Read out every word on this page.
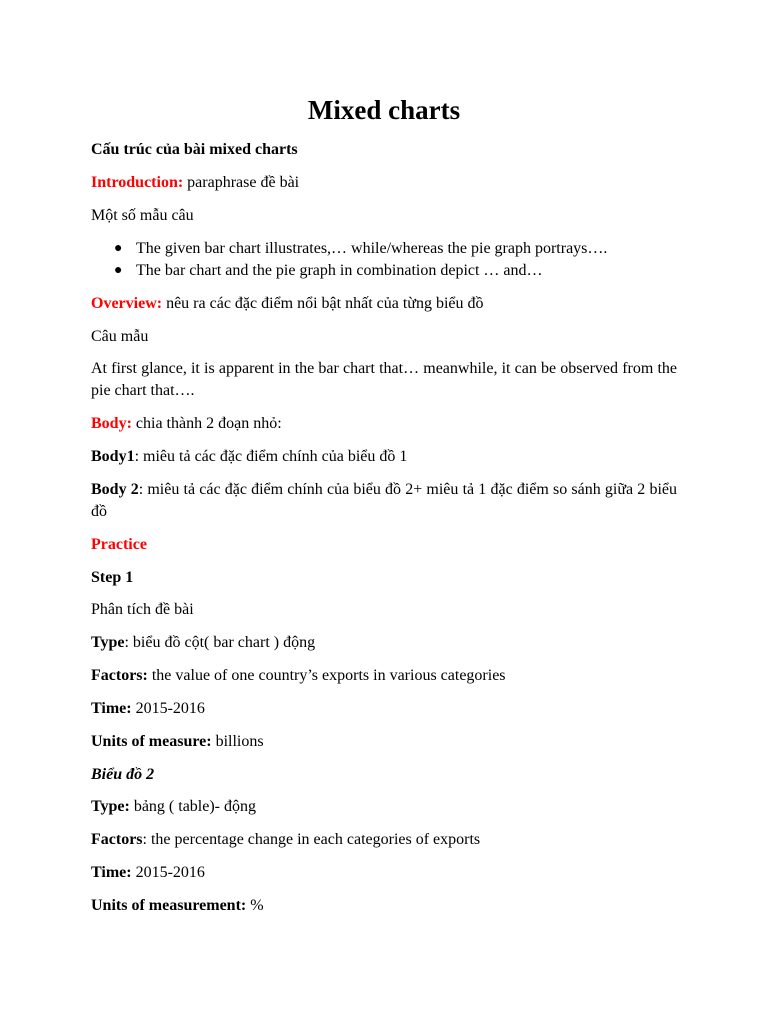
Mixed charts
Cấu trúc của bài mixed charts
Introduction: paraphrase đề bài
Một số mẫu câu
● The given bar chart illustrates,… while/whereas the pie graph portrays….
● The bar chart and the pie graph in combination depict … and…
Overview: nêu ra các đặc điểm nổi bật nhất của từng biểu đồ
Câu mẫu
At first glance, it is apparent in the bar chart that… meanwhile, it can be observed from the pie chart that….
Body: chia thành 2 đoạn nhỏ:
Body1: miêu tả các đặc điểm chính của biểu đồ 1
Body 2: miêu tả các đặc điểm chính của biểu đồ 2+ miêu tả 1 đặc điểm so sánh giữa 2 biểu đồ
Practice
Step 1
Phân tích đề bài
Type: biểu đồ cột( bar chart ) động
Factors: the value of one country’s exports in various categories
Time: 2015-2016
Units of measure: billions
Biểu đồ 2
Type: bảng ( table)- động
Factors: the percentage change in each categories of exports
Time: 2015-2016
Units of measurement: %
